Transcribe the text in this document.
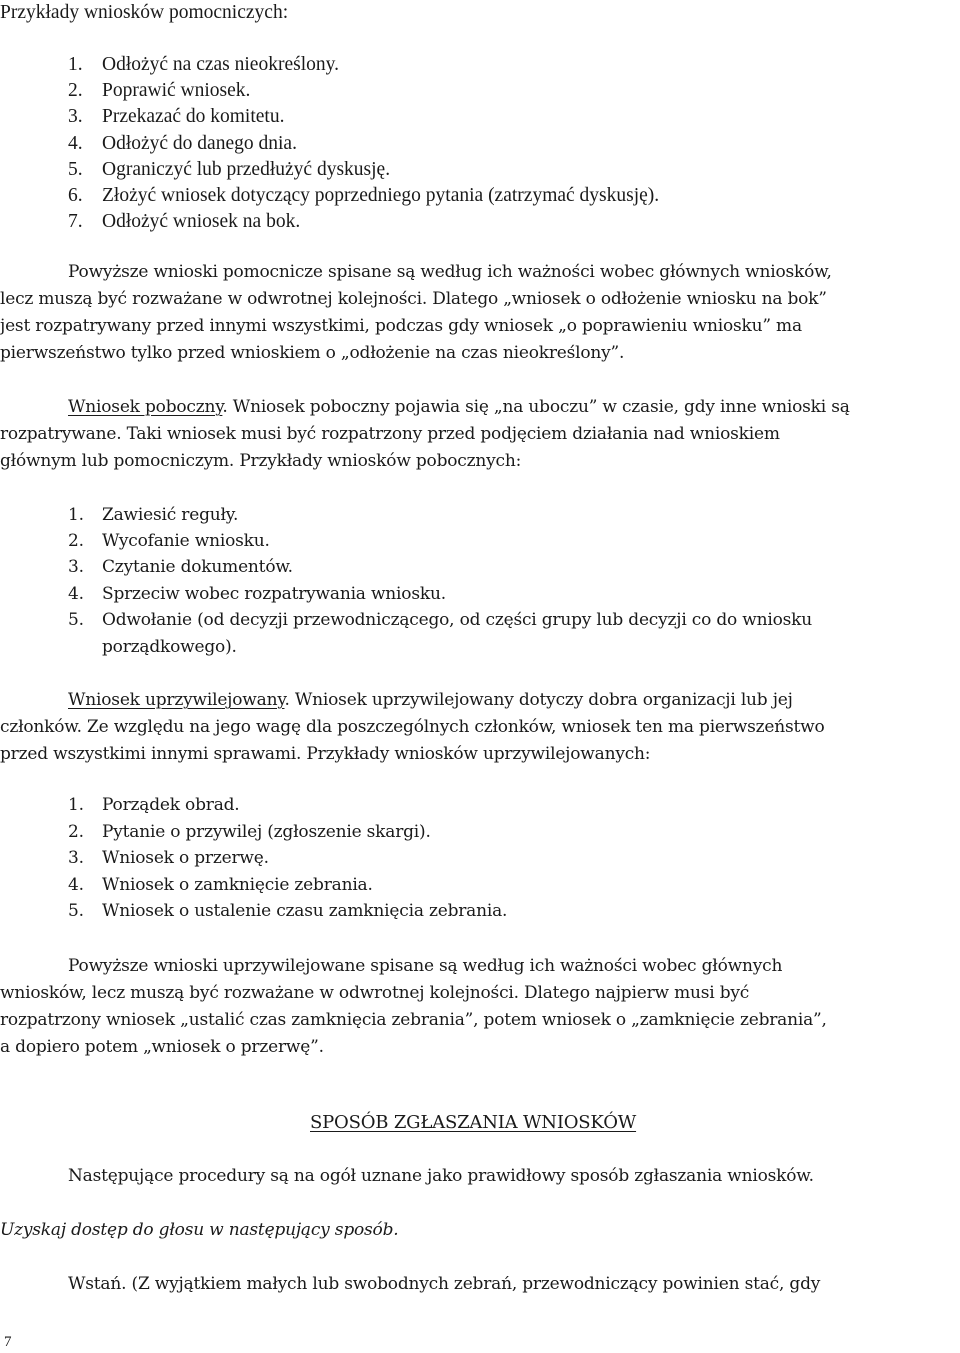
Przykłady wniosków pomocniczych:
1. Odłożyć na czas nieokreślony.
2. Poprawić wniosek.
3. Przekazać do komitetu.
4. Odłożyć do danego dnia.
5. Ograniczyć lub przedłużyć dyskusję.
6. Złożyć wniosek dotyczący poprzedniego pytania (zatrzymać dyskusję).
7. Odłożyć wniosek na bok.
Powyższe wnioski pomocnicze spisane są według ich ważności wobec głównych wniosków,
lecz muszą być rozważane w odwrotnej kolejności. Dlatego „wniosek o odłożenie wniosku na bok”
jest rozpatrywany przed innymi wszystkimi, podczas gdy wniosek „o poprawieniu wniosku” ma
pierwszeństwo tylko przed wnioskiem o „odłożenie na czas nieokreślony”.
Wniosek poboczny. Wniosek poboczny pojawia się „na uboczu” w czasie, gdy inne wnioski są
rozpatrywane. Taki wniosek musi być rozpatrzony przed podjęciem działania nad wnioskiem
głównym lub pomocniczym. Przykłady wniosków pobocznych:
1. Zawiesić reguły.
2. Wycofanie wniosku.
3. Czytanie dokumentów.
4. Sprzeciw wobec rozpatrywania wniosku.
5. Odwołanie (od decyzji przewodniczącego, od części grupy lub decyzji co do wniosku
porządkowego).
Wniosek uprzywilejowany. Wniosek uprzywilejowany dotyczy dobra organizacji lub jej
członków. Ze względu na jego wagę dla poszczególnych członków, wniosek ten ma pierwszeństwo
przed wszystkimi innymi sprawami. Przykłady wniosków uprzywilejowanych:
1. Porządek obrad.
2. Pytanie o przywilej (zgłoszenie skargi).
3. Wniosek o przerwę.
4. Wniosek o zamknięcie zebrania.
5. Wniosek o ustalenie czasu zamknięcia zebrania.
Powyższe wnioski uprzywilejowane spisane są według ich ważności wobec głównych
wniosków, lecz muszą być rozważane w odwrotnej kolejności. Dlatego najpierw musi być
rozpatrzony wniosek „ustalić czas zamknięcia zebrania”, potem wniosek o „zamknięcie zebrania”,
a dopiero potem „wniosek o przerwę”.
SPOSÓB ZGŁASZANIA WNIOSKÓW
Następujące procedury są na ogół uznane jako prawidłowy sposób zgłaszania wniosków.
Uzyskaj dostęp do głosu w następujący sposób.
Wstań. (Z wyjątkiem małych lub swobodnych zebrań, przewodniczący powinien stać, gdy
7
